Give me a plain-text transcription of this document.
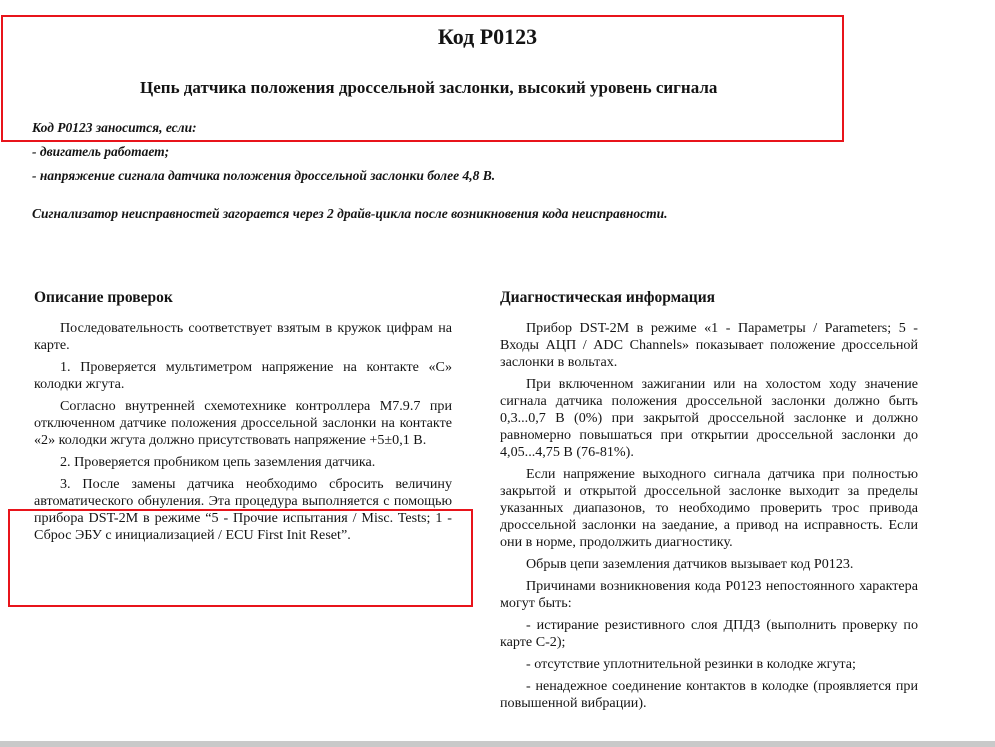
Код P0123
Цепь датчика положения дроссельной заслонки, высокий уровень сигнала
Код P0123 заносится, если:
- двигатель работает;
- напряжение сигнала датчика положения дроссельной заслонки более 4,8 В.
Сигнализатор неисправностей загорается через 2 драйв-цикла после возникновения кода неисправности.
Описание проверок

Последовательность соответствует взятым в кружок цифрам на карте.

1. Проверяется мультиметром напряжение на контакте «С» колодки жгута.

Согласно внутренней схемотехнике контроллера М7.9.7 при отключенном датчике положения дроссельной заслонки на контакте «2» колодки жгута должно присутствовать напряжение +5±0,1 В.

2. Проверяется пробником цепь заземления датчика.

3. После замены датчика необходимо сбросить величину автоматического обнуления. Эта процедура выполняется с помощью прибора DST-2M в режиме “5 - Прочие испытания / Misc. Tests; 1 - Сброс ЭБУ с инициализацией / ECU First Init Reset”.

Диагностическая информация

Прибор DST-2M в режиме «1 - Параметры / Parameters; 5 - Входы АЦП / ADC Channels» показывает положение дроссельной заслонки в вольтах.

При включенном зажигании или на холостом ходу значение сигнала датчика положения дроссельной заслонки должно быть 0,3...0,7 В (0%) при закрытой дроссельной заслонке и должно равномерно повышаться при открытии дроссельной заслонки до 4,05...4,75 В (76-81%).

Если напряжение выходного сигнала датчика при полностью закрытой и открытой дроссельной заслонке выходит за пределы указанных диапазонов, то необходимо проверить трос привода дроссельной заслонки на заедание, а привод на исправность. Если они в норме, продолжить диагностику.

Обрыв цепи заземления датчиков вызывает код P0123.

Причинами возникновения кода P0123 непостоянного характера могут быть:

- истирание резистивного слоя ДПДЗ (выполнить проверку по карте С-2);

- отсутствие уплотнительной резинки в колодке жгута;

- ненадежное соединение контактов в колодке (проявляется при повышенной вибрации).
